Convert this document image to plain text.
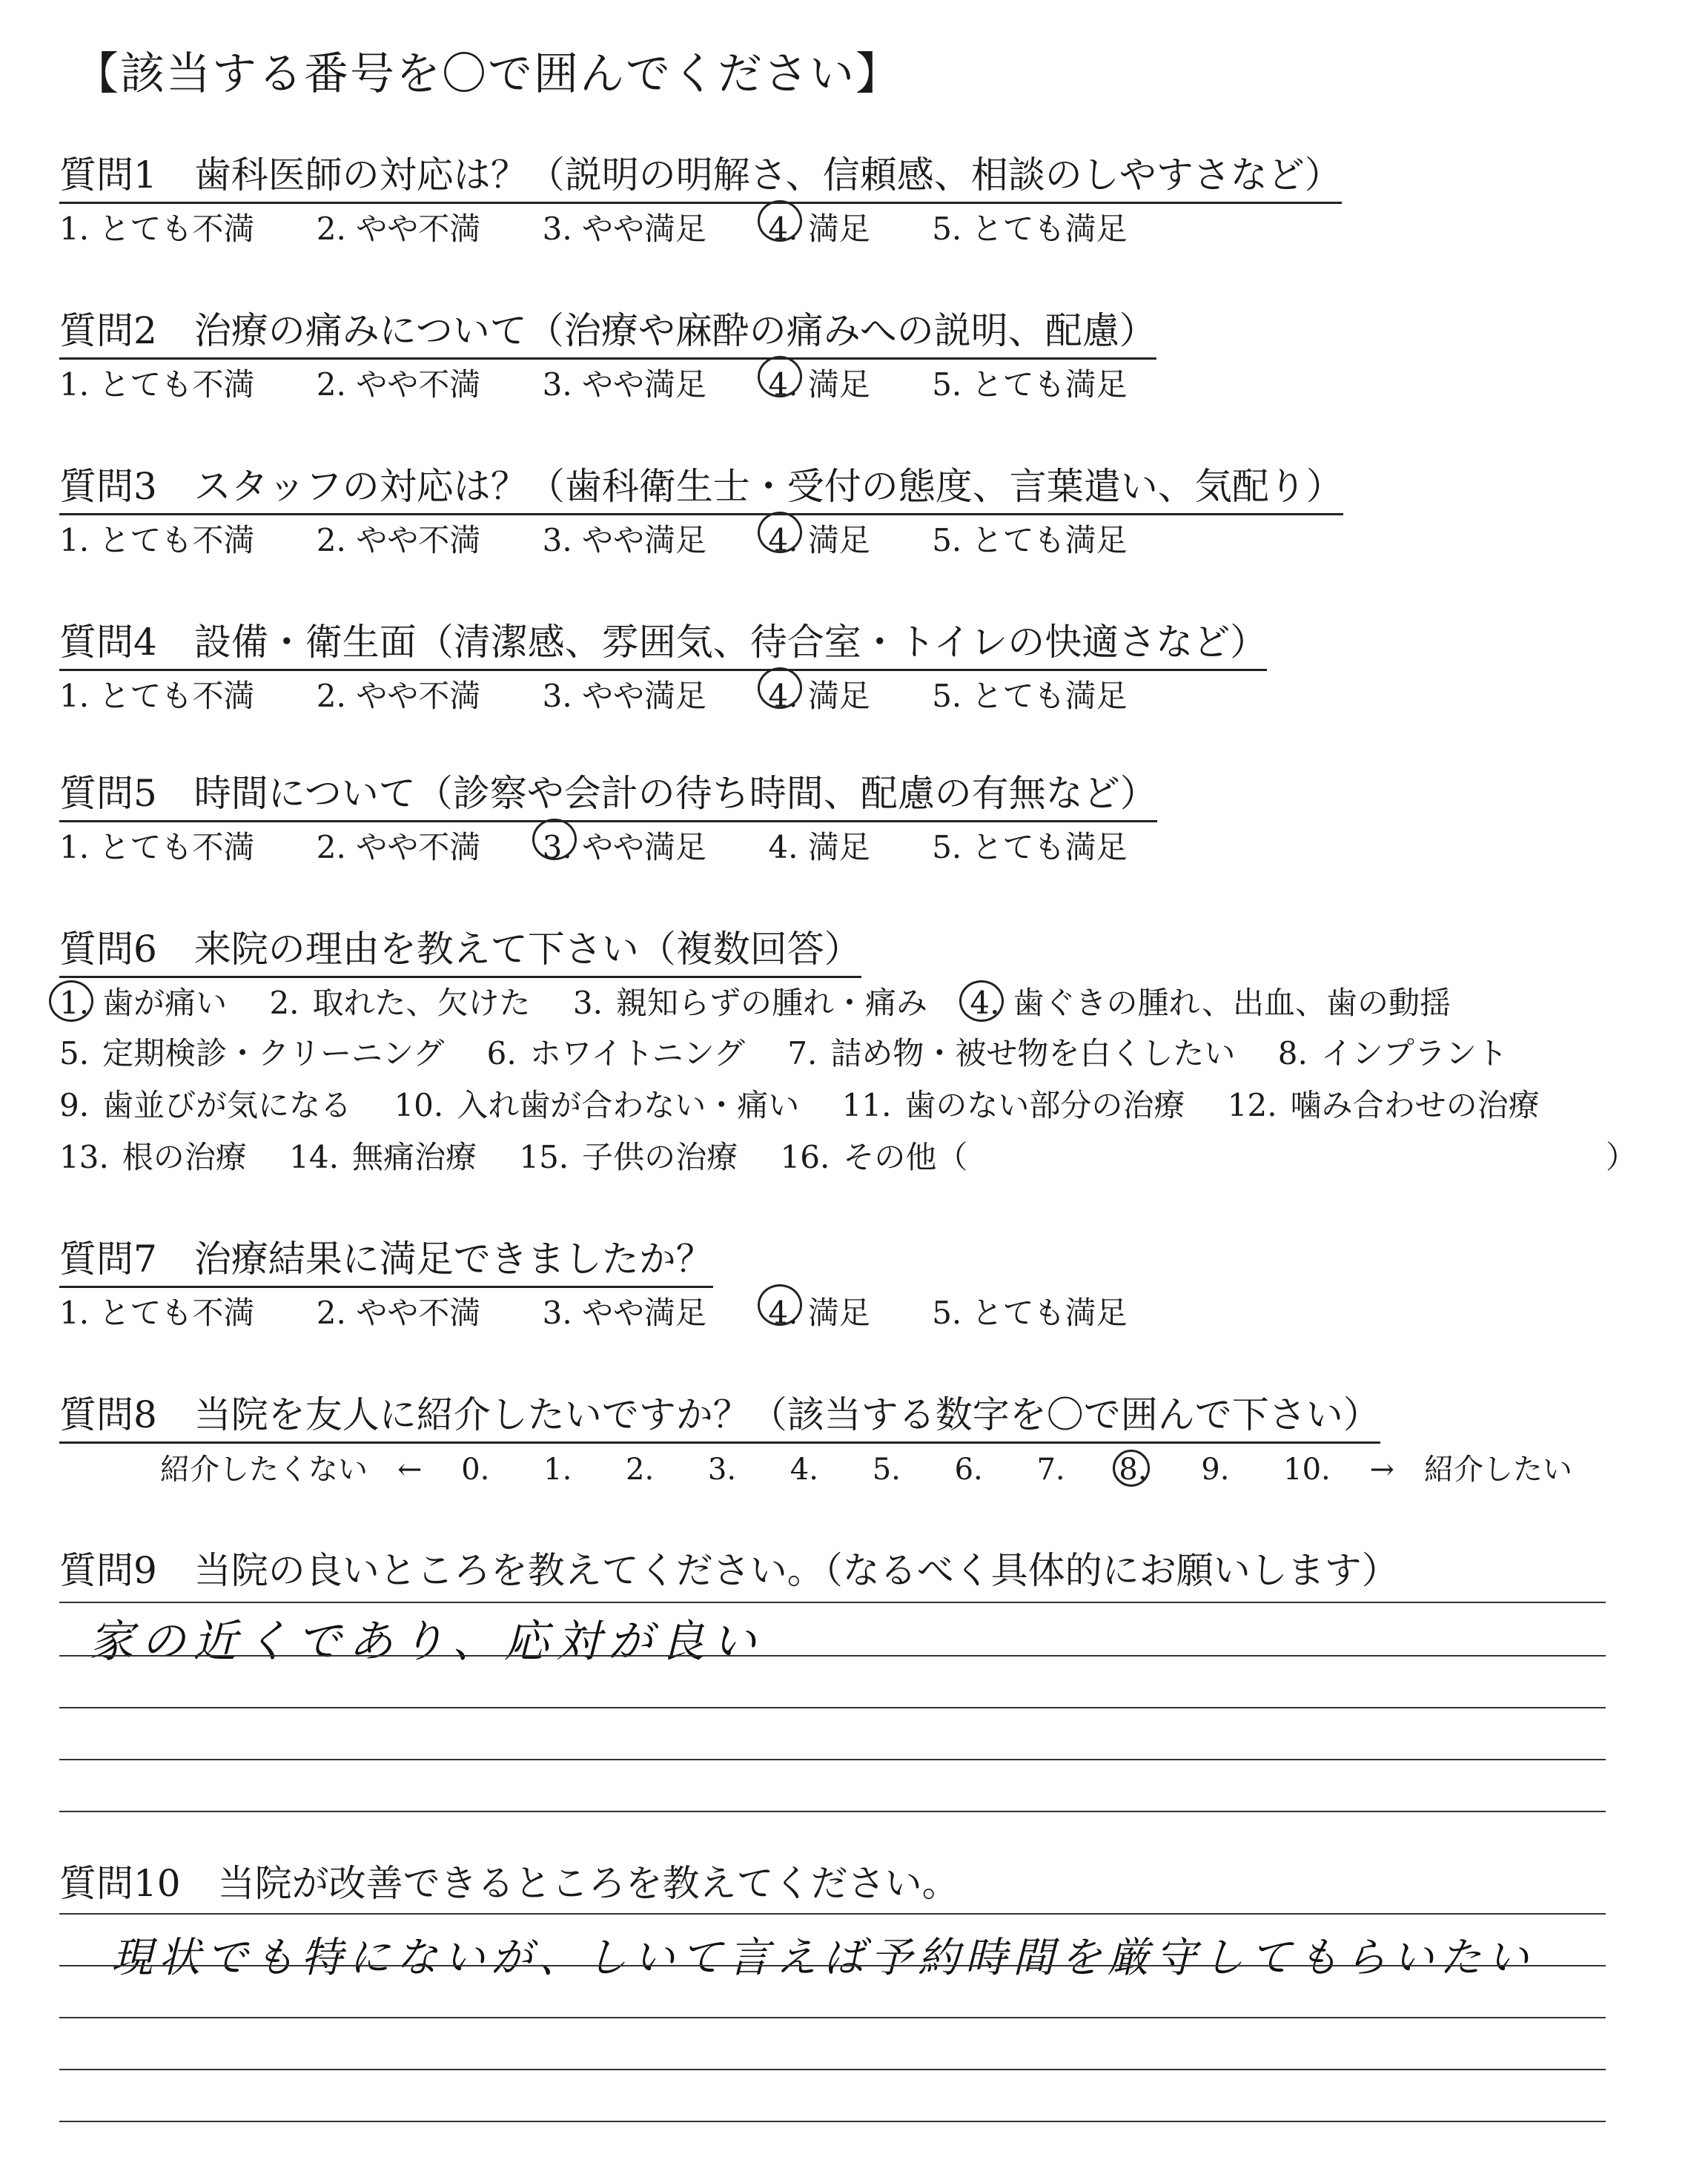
【該当する番号を〇で囲んでください】
質問1　歯科医師の対応は？（説明の明解さ、信頼感、相談のしやすさなど）
1. とても不満 2. やや不満 3. やや満足 4. 満足 5. とても満足
質問2　治療の痛みについて（治療や麻酔の痛みへの説明、配慮）
1. とても不満 2. やや不満 3. やや満足 4. 満足 5. とても満足
質問3　スタッフの対応は？（歯科衛生士・受付の態度、言葉遣い、気配り）
1. とても不満 2. やや不満 3. やや満足 4. 満足 5. とても満足
質問4　設備・衛生面（清潔感、雰囲気、待合室・トイレの快適さなど）
1. とても不満 2. やや不満 3. やや満足 4. 満足 5. とても満足
質問5　時間について（診察や会計の待ち時間、配慮の有無など）
1. とても不満 2. やや不満 3. やや満足 4. 満足 5. とても満足
質問6　来院の理由を教えて下さい（複数回答）
1. 歯が痛い 2. 取れた、欠けた 3. 親知らずの腫れ・痛み 4. 歯ぐきの腫れ、出血、歯の動揺
5. 定期検診・クリーニング 6. ホワイトニング 7. 詰め物・被せ物を白くしたい 8. インプラント
9. 歯並びが気になる 10. 入れ歯が合わない・痛い 11. 歯のない部分の治療 12. 噛み合わせの治療
13. 根の治療 14. 無痛治療 15. 子供の治療 16. その他（	）
質問7　治療結果に満足できましたか？
1. とても不満 2. やや不満 3. やや満足 4. 満足 5. とても満足
質問8　当院を友人に紹介したいですか？（該当する数字を〇で囲んで下さい）
紹介したくない　← 0. 1. 2. 3. 4. 5. 6. 7. 8. 9. 10. →　紹介したい
質問9　当院の良いところを教えてください。（なるべく具体的にお願いします）
家の近くであり、応対が良い
質問10　当院が改善できるところを教えてください。
現状でも特にないが、しいて言えば予約時間を厳守してもらいたい
